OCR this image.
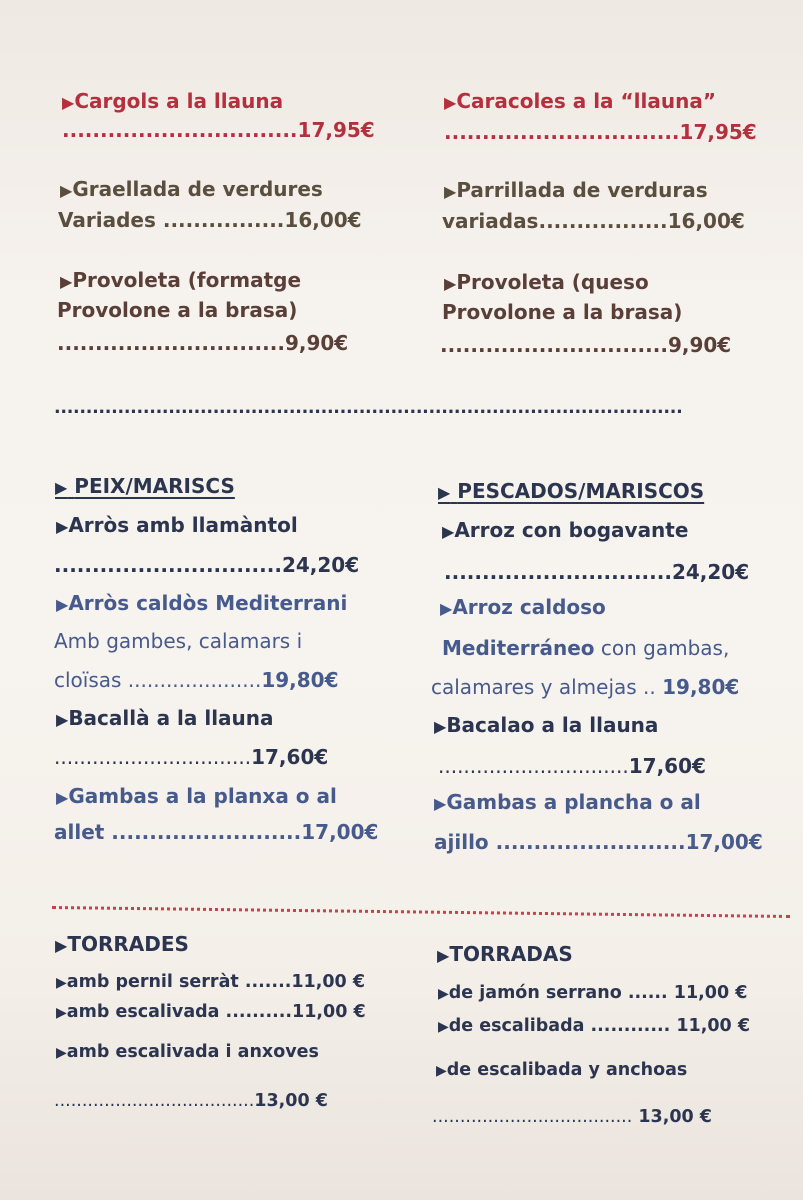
▶Cargols a la llauna
...............................17,95€
▶Graellada de verdures
Variades ................16,00€
▶Provoleta (formatge
Provolone a la brasa)
..............................9,90€
▶Caracoles a la “llauna”
...............................17,95€
▶Parrillada de verduras
variadas.................16,00€
▶Provoleta (queso
Provolone a la brasa)
..............................9,90€
...................................................................................................
▶ PEIX/MARISCS
▶Arròs amb llamàntol
..............................24,20€
▶Arròs caldòs Mediterrani
Amb gambes, calamars i
cloïsas .....................19,80€
▶Bacallà a la llauna
...............................17,60€
▶Gambas a la planxa o al
allet .........................17,00€
▶ PESCADOS/MARISCOS
▶Arroz con bogavante
..............................24,20€
▶Arroz caldoso
Mediterráneo con gambas,
calamares y almejas .. 19,80€
▶Bacalao a la llauna
..............................17,60€
▶Gambas a plancha o al
ajillo .........................17,00€
▶TORRADES
▶amb pernil serràt .......11,00 €
▶amb escalivada ..........11,00 €
▶amb escalivada i anxoves
....................................13,00 €
▶TORRADAS
▶de jamón serrano ...... 11,00 €
▶de escalibada ............ 11,00 €
▶de escalibada y anchoas
.................................... 13,00 €
